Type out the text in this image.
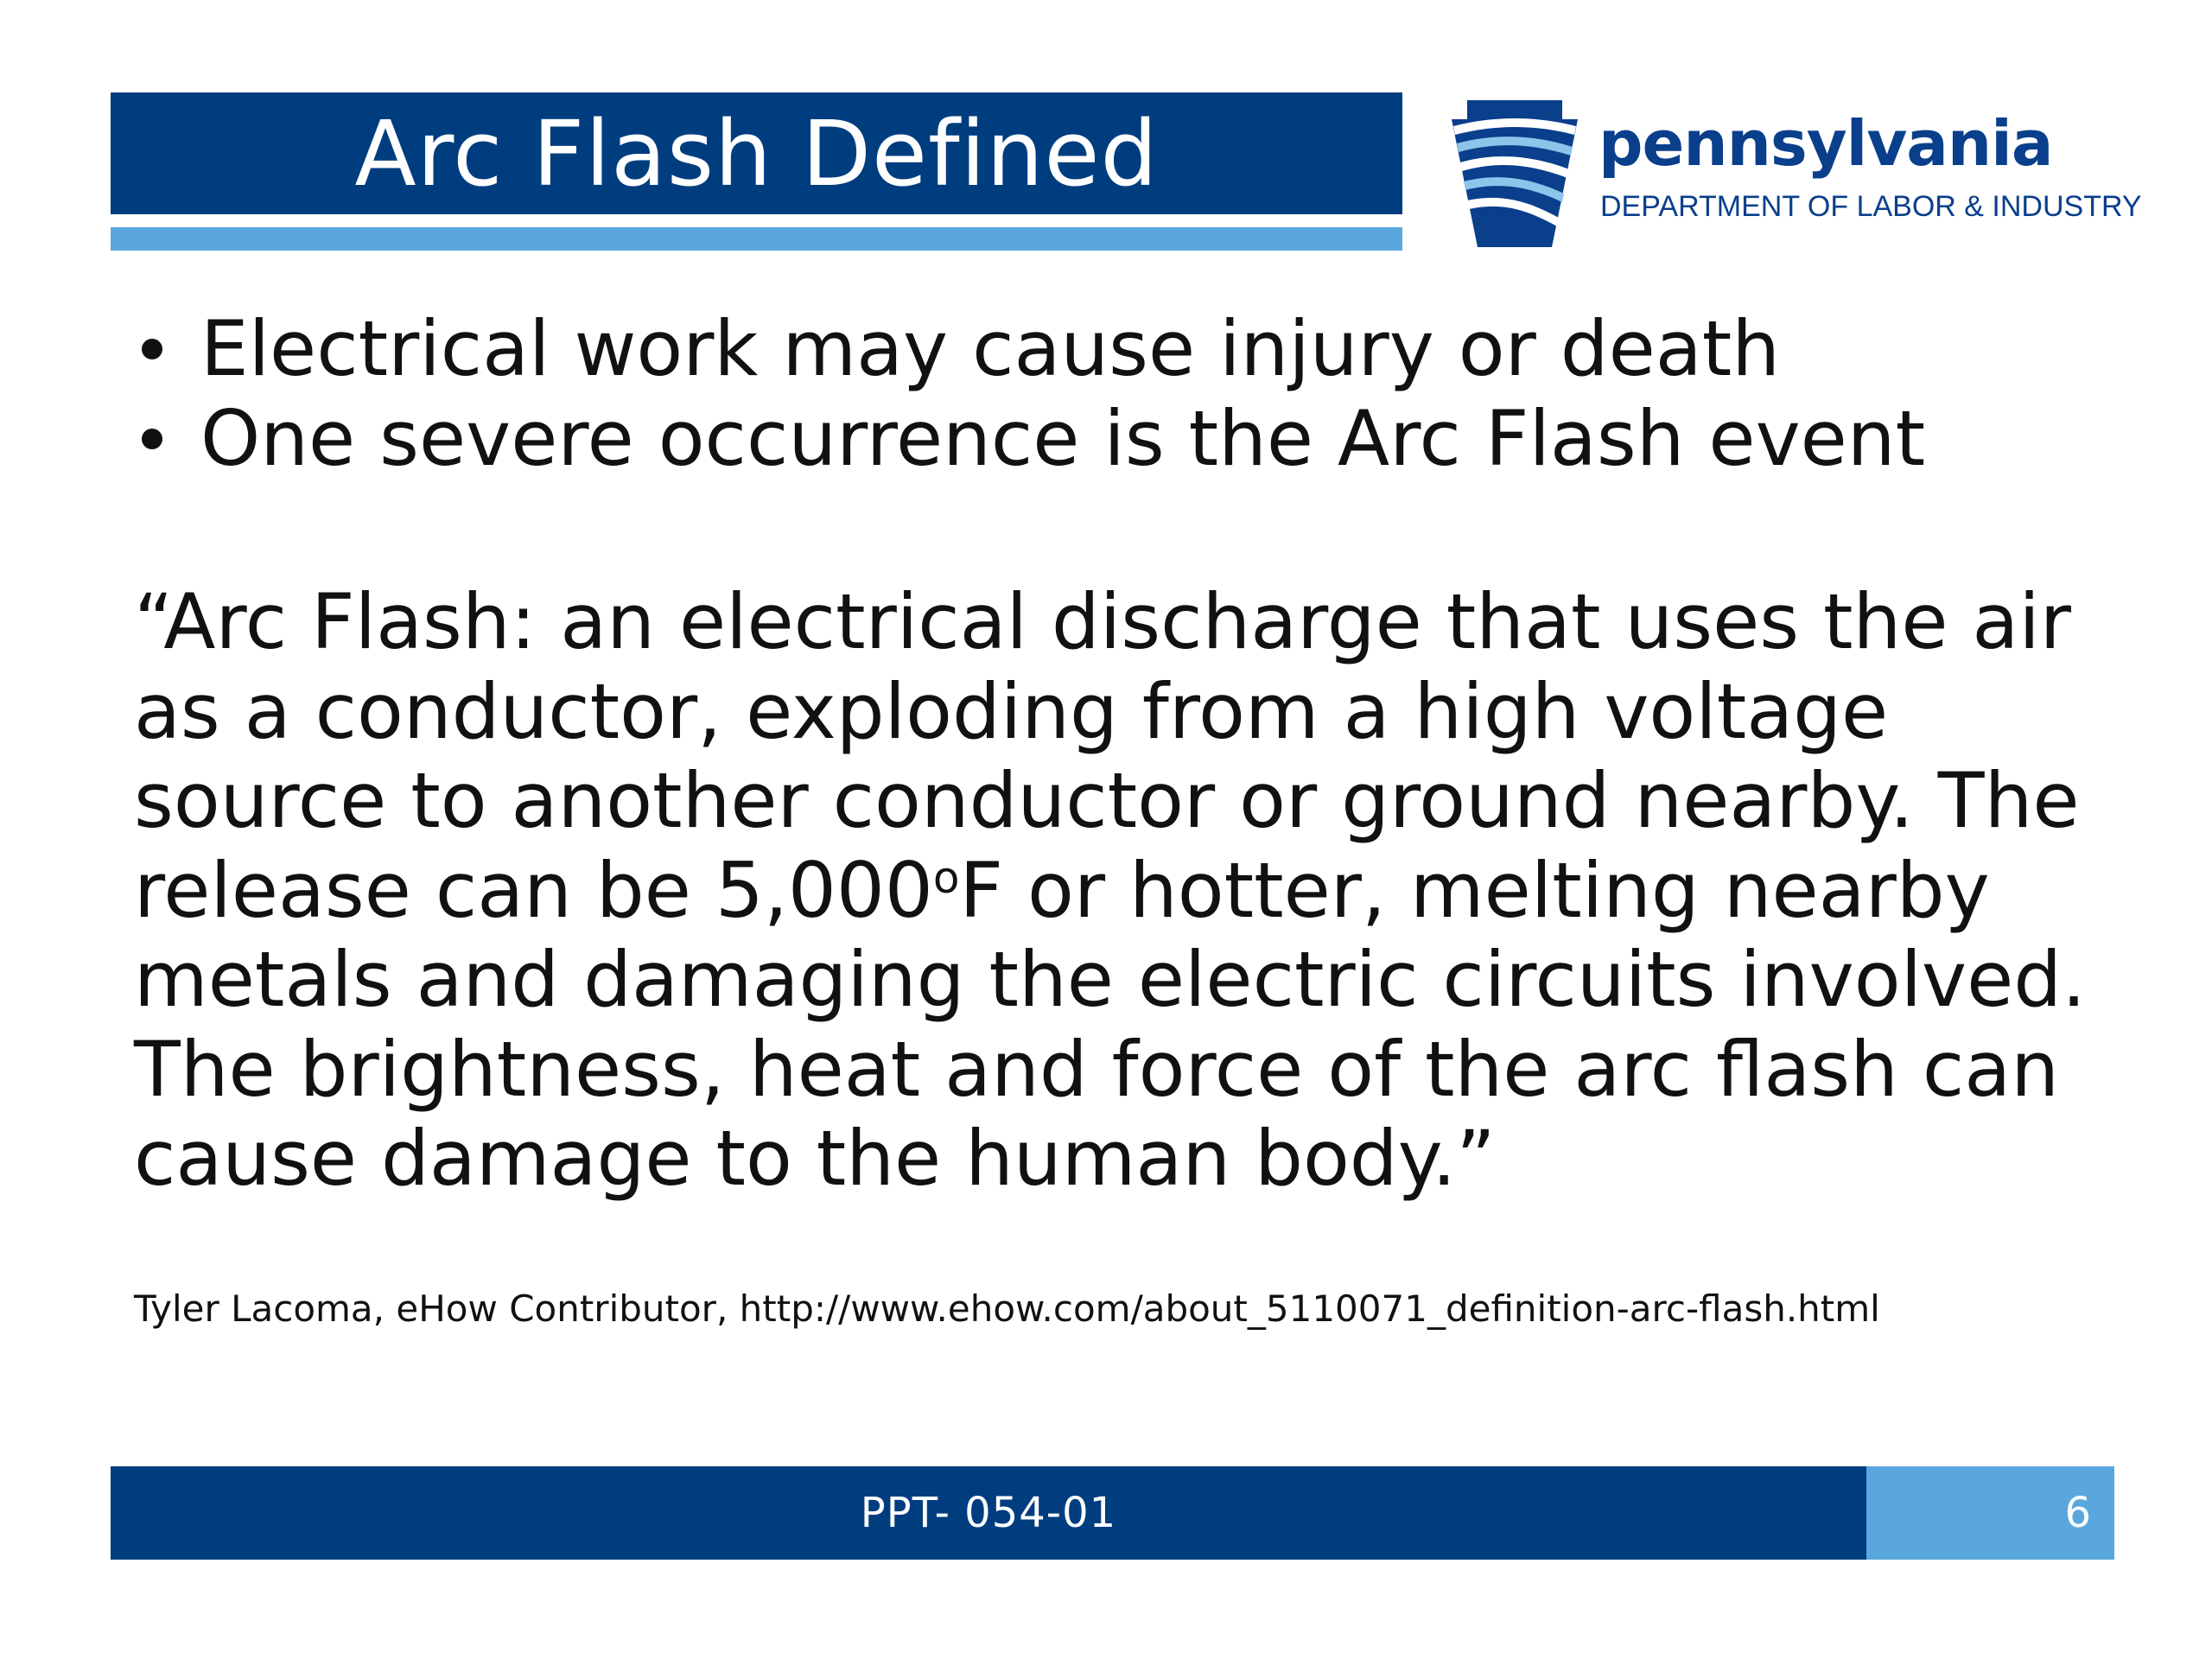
Arc Flash Defined	pennsylvania
DEPARTMENT OF LABOR & INDUSTRY
Electrical work may cause injury or death
One severe occurrence is the Arc Flash event
“Arc Flash: an electrical discharge that uses the air
as a conductor, exploding from a high voltage
source to another conductor or ground nearby. The
release can be 5,000$^o$F or hotter, melting nearby
metals and damaging the electric circuits involved.
The brightness, heat and force of the arc flash can
cause damage to the human body.”
Tyler Lacoma, eHow Contributor, http://www.ehow.com/about_5110071_definition-arc-flash.html
PPT- 054-01	6
